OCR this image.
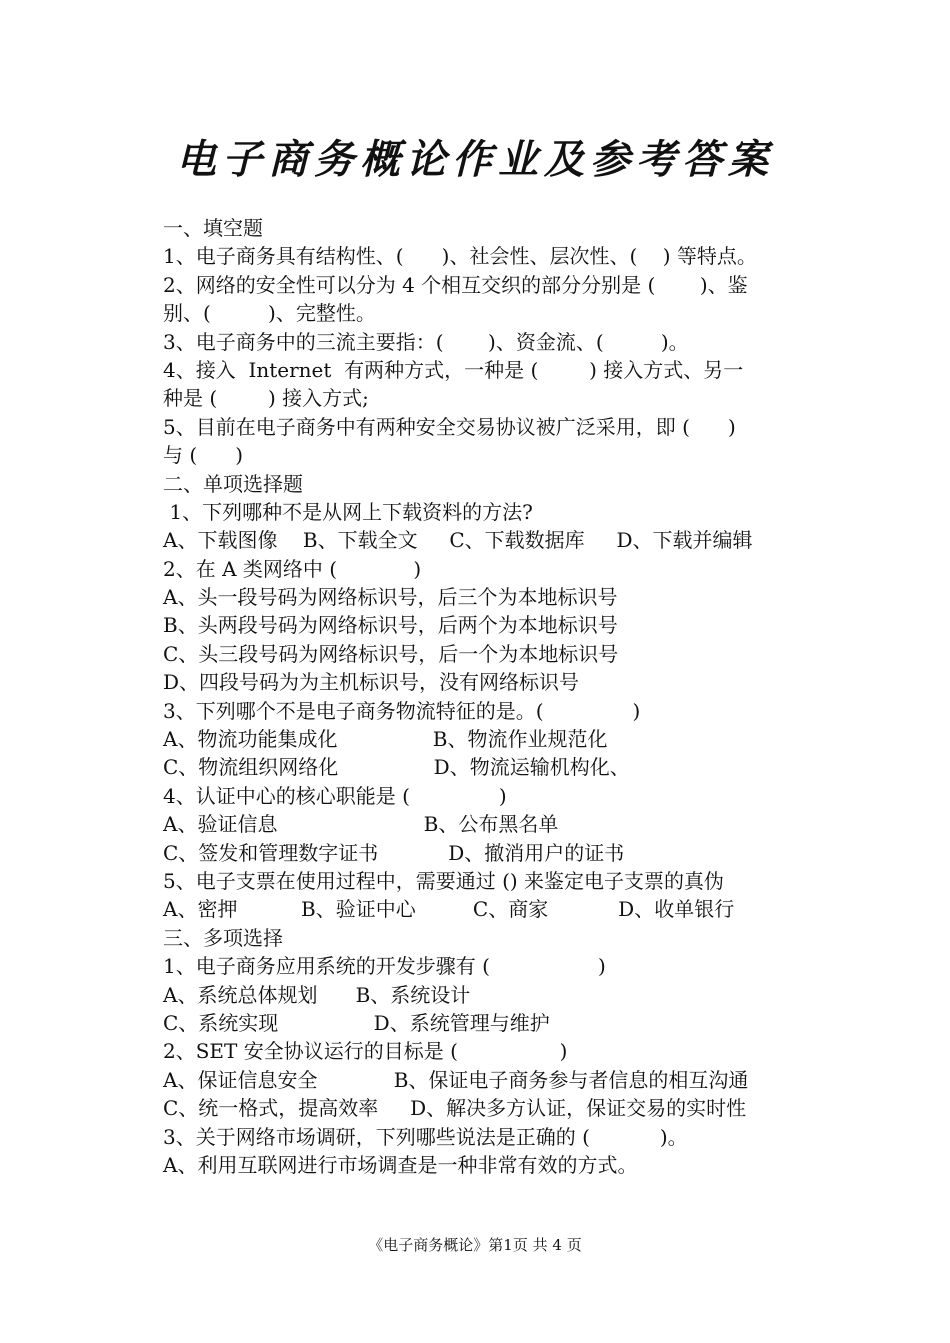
电子商务概论作业及参考答案
一、填空题
1、电子商务具有结构性、(      )、社会性、层次性、(    ) 等特点。
2、网络的安全性可以分为 4 个相互交织的部分分别是 (       )、鉴
别、(         )、完整性。
3、电子商务中的三流主要指：(       )、资金流、(         )。
4、接入  Internet  有两种方式，一种是 (        ) 接入方式、另一
种是 (        ) 接入方式;
5、目前在电子商务中有两种安全交易协议被广泛采用，即 (      )
与 (      )
二、单项选择题
1、下列哪种不是从网上下载资料的方法?
A、下载图像    B、下载全文     C、下载数据库     D、下载并编辑
2、在 A 类网络中 (            )
A、头一段号码为网络标识号，后三个为本地标识号
B、头两段号码为网络标识号，后两个为本地标识号
C、头三段号码为网络标识号，后一个为本地标识号
D、四段号码为为主机标识号，没有网络标识号
3、下列哪个不是电子商务物流特征的是。(              )
A、物流功能集成化               B、物流作业规范化
C、物流组织网络化               D、物流运输机构化、
4、认证中心的核心职能是 (              )
A、验证信息                       B、公布黑名单
C、签发和管理数字证书           D、撤消用户的证书
5、电子支票在使用过程中，需要通过 () 来鉴定电子支票的真伪
A、密押          B、验证中心         C、商家           D、收单银行
三、多项选择
1、电子商务应用系统的开发步骤有 (                 )
A、系统总体规划      B、系统设计
C、系统实现               D、系统管理与维护
2、SET 安全协议运行的目标是 (                )
A、保证信息安全            B、保证电子商务参与者信息的相互沟通
C、统一格式，提高效率     D、解决多方认证，保证交易的实时性
3、关于网络市场调研，下列哪些说法是正确的 (           )。
A、利用互联网进行市场调查是一种非常有效的方式。
《电子商务概论》第1页 共 4 页
